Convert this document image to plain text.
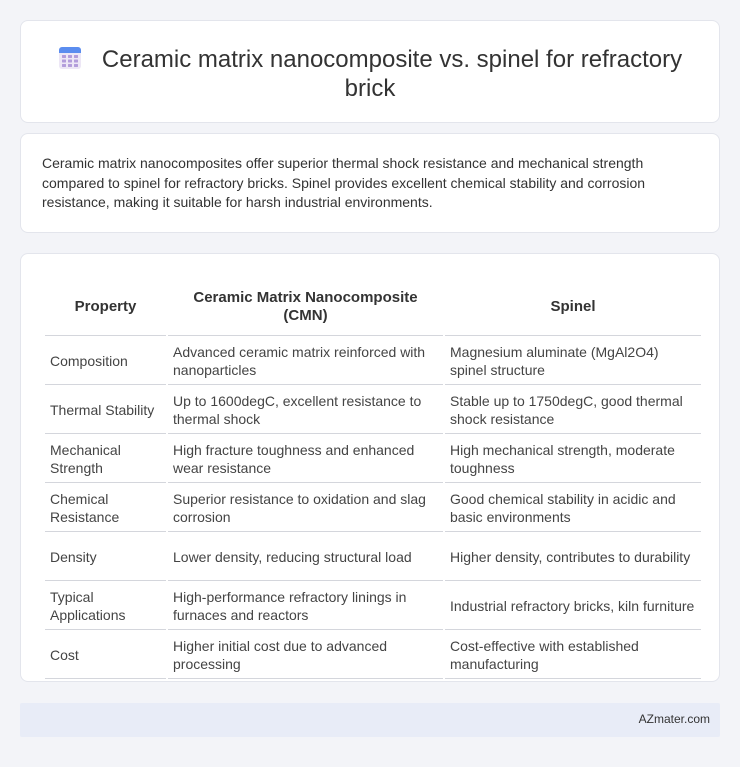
Ceramic matrix nanocomposite vs. spinel for refractory brick

Ceramic matrix nanocomposites offer superior thermal shock resistance and mechanical strength compared to spinel for refractory bricks. Spinel provides excellent chemical stability and corrosion resistance, making it suitable for harsh industrial environments.

Property	Ceramic Matrix Nanocomposite (CMN)	Spinel
Composition	Advanced ceramic matrix reinforced with nanoparticles	Magnesium aluminate (MgAl2O4) spinel structure
Thermal Stability	Up to 1600degC, excellent resistance to thermal shock	Stable up to 1750degC, good thermal shock resistance
Mechanical Strength	High fracture toughness and enhanced wear resistance	High mechanical strength, moderate toughness
Chemical Resistance	Superior resistance to oxidation and slag corrosion	Good chemical stability in acidic and basic environments
Density	Lower density, reducing structural load	Higher density, contributes to durability
Typical Applications	High-performance refractory linings in furnaces and reactors	Industrial refractory bricks, kiln furniture
Cost	Higher initial cost due to advanced processing	Cost-effective with established manufacturing
AZmater.com
